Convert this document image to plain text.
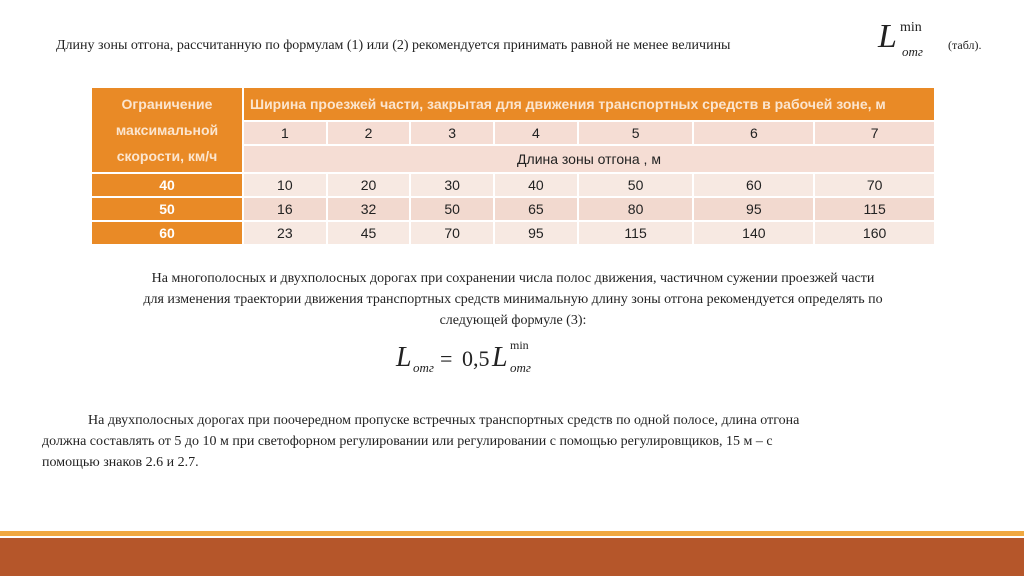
Длину зоны отгона, рассчитанную по формулам (1) или (2) рекомендуется принимать равной не менее величины	L min
отг (табл).
Ограничение максимальной скорости, км/ч	Ширина проезжей части, закрытая для движения транспортных средств в рабочей зоне, м						
	1	2	3	4	5	6	7
	Длина зоны отгона , м						
40	10	20	30	40	50	60	70
50	16	32	50	65	80	95	115
60	23	45	70	95	115	140	160
На многополосных и двухполосных дорогах при сохранении числа полос движения, частичном сужении проезжей части
для изменения траектории движения транспортных средств минимальную длину зоны отгона рекомендуется определять по
следующей формуле (3):
L отг = 0,5 L min
отг
На двухполосных дорогах при поочередном пропуске встречных транспортных средств по одной полосе, длина отгона
должна составлять от 5 до 10 м при светофорном регулировании или регулировании с помощью регулировщиков, 15 м – с
помощью знаков 2.6 и 2.7.
